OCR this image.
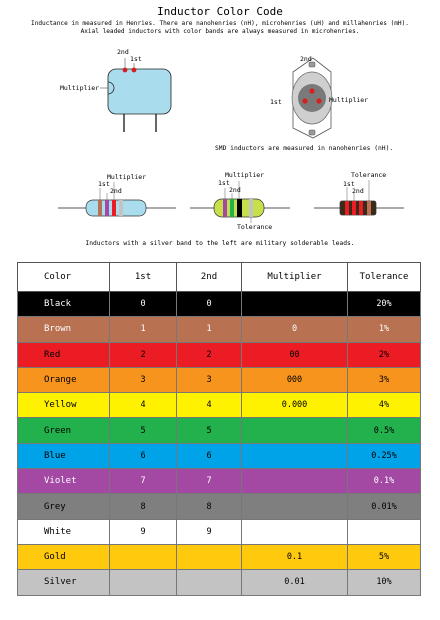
Inductor Color Code
Inductance in measured in Henries. There are nanohenries (nH), microhenries (uH) and millahenries (mH).
Axial leaded inductors with color bands are always measured in microhenries.
2nd
1st
Multiplier
2nd
1st	Multiplier
SMD inductors are measured in nanohenries (nH).
Multiplier
1st
2nd
Multiplier
1st
2nd
Tolerance
Tolerance
1st
2nd
Inductors with a silver band to the left are military solderable leads.
Color	1st	2nd	Multiplier	Tolerance
Black	0	0		20%
Brown	1	1	0	1%
Red	2	2	00	2%
Orange	3	3	000	3%
Yellow	4	4	0.000	4%
Green	5	5		0.5%
Blue	6	6		0.25%
Violet	7	7		0.1%
Grey	8	8		0.01%
White	9	9		
Gold			0.1	5%
Silver			0.01	10%
